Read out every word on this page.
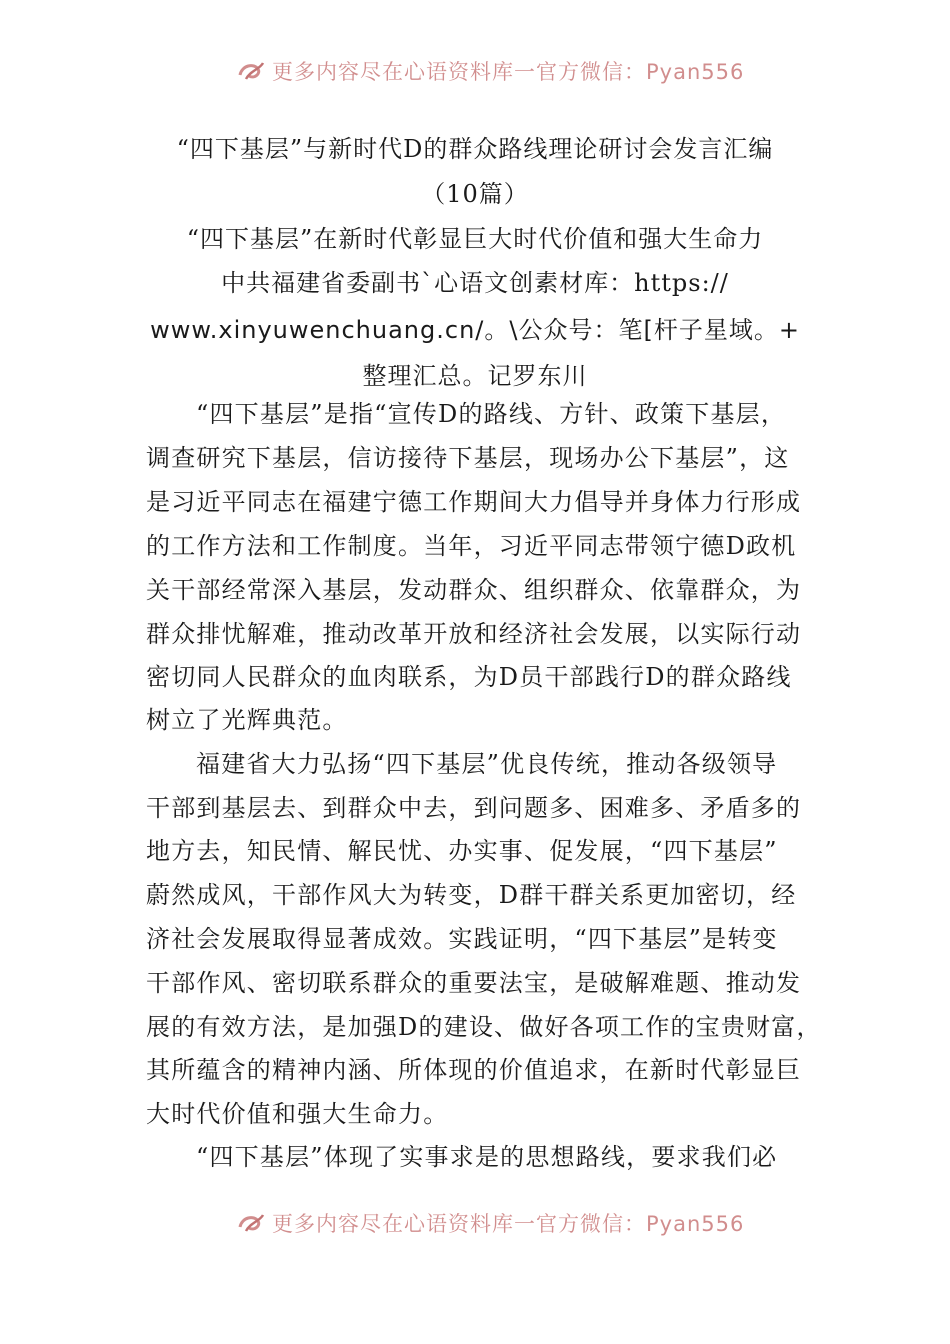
更多内容尽在心语资料库一官方微信：Pyan556
“四下基层”与新时代D的群众路线理论研讨会发言汇编
（10篇）
“四下基层”在新时代彰显巨大时代价值和强大生命力
中共福建省委副书`心语文创素材库：https://
www.xinyuwenchuang.cn/。\公众号：笔[杆子星域。+
整理汇总。记罗东川
“四下基层”是指“宣传D的路线、方针、政策下基层，
调查研究下基层，信访接待下基层，现场办公下基层”，这
是习近平同志在福建宁德工作期间大力倡导并身体力行形成
的工作方法和工作制度。当年，习近平同志带领宁德D政机
关干部经常深入基层，发动群众、组织群众、依靠群众，为
群众排忧解难，推动改革开放和经济社会发展，以实际行动
密切同人民群众的血肉联系，为D员干部践行D的群众路线
树立了光辉典范。
福建省大力弘扬“四下基层”优良传统，推动各级领导
干部到基层去、到群众中去，到问题多、困难多、矛盾多的
地方去，知民情、解民忧、办实事、促发展，“四下基层”
蔚然成风，干部作风大为转变，D群干群关系更加密切，经
济社会发展取得显著成效。实践证明，“四下基层”是转变
干部作风、密切联系群众的重要法宝，是破解难题、推动发
展的有效方法，是加强D的建设、做好各项工作的宝贵财富，
其所蕴含的精神内涵、所体现的价值追求，在新时代彰显巨
大时代价值和强大生命力。
“四下基层”体现了实事求是的思想路线，要求我们必
更多内容尽在心语资料库一官方微信：Pyan556
